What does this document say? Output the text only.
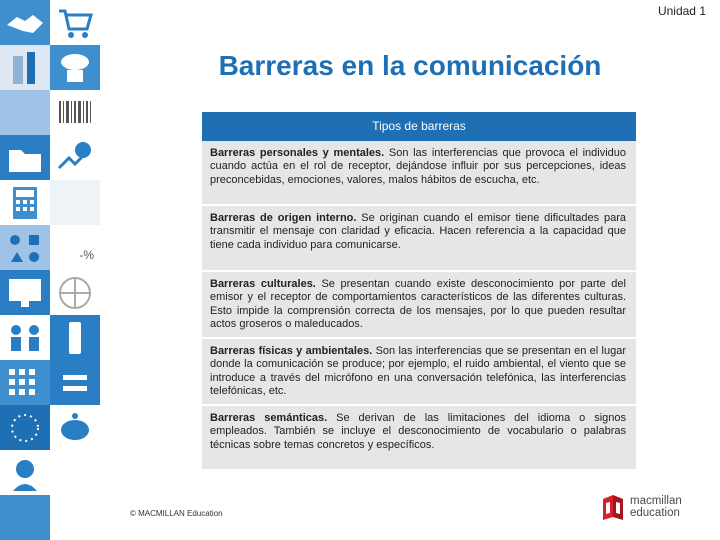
-%
Unidad 1
Barreras en la comunicación
Tipos de barreras
Barreras personales y mentales. Son las interferencias que provoca el individuo cuando actúa en el rol de receptor, dejándose influir por sus percepciones, ideas preconcebidas, emociones, valores, malos hábitos de escucha, etc.
Barreras de origen interno. Se originan cuando el emisor tiene dificultades para transmitir el mensaje con claridad y eficacia. Hacen referencia a la capacidad que tiene cada individuo para comunicarse.
Barreras culturales. Se presentan cuando existe desconocimiento por parte del emisor y el receptor de comportamientos característicos de las diferentes culturas. Esto impide la comprensión correcta de los mensajes, por lo que pueden resultar actos groseros o maleducados.
Barreras físicas y ambientales. Son las interferencias que se presentan en el lugar donde la comunicación se produce; por ejemplo, el ruido ambiental, el viento que se introduce a través del micrófono en una conversación telefónica, las interferencias telefónicas, etc.
Barreras semánticas. Se derivan de las limitaciones del idioma o signos empleados. También se incluye el desconocimiento de vocabulario o palabras técnicas sobre temas concretos y específicos.
© MACMILLAN Education
macmillan
education
